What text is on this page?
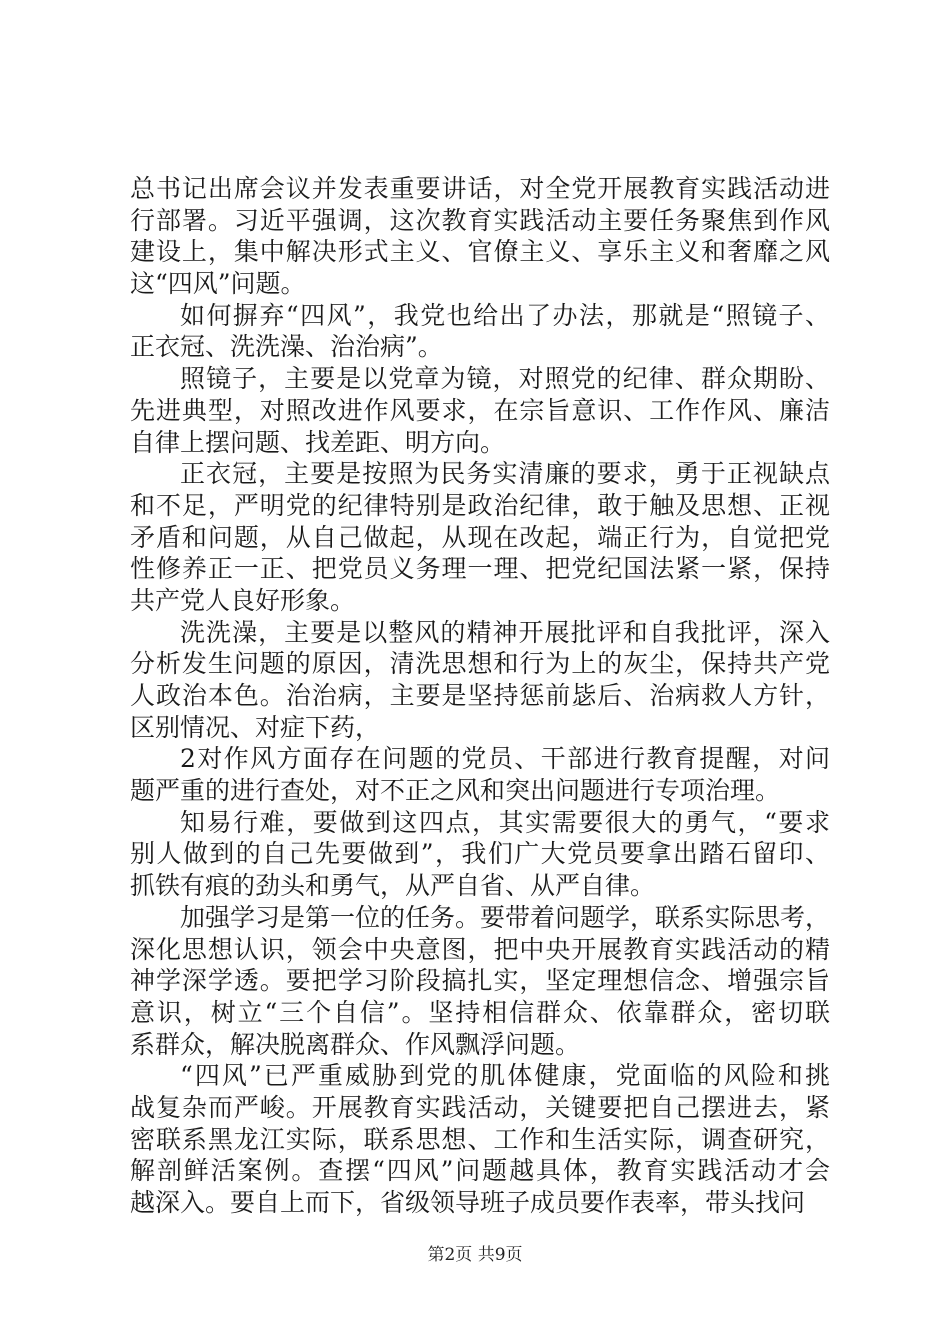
总书记出席会议并发表重要讲话，对全党开展教育实践活动进
行部署。习近平强调，这次教育实践活动主要任务聚焦到作风
建设上，集中解决形式主义、官僚主义、享乐主义和奢靡之风
这“四风”问题。
如何摒弃“四风”，我党也给出了办法，那就是“照镜子、
正衣冠、洗洗澡、治治病”。
照镜子，主要是以党章为镜，对照党的纪律、群众期盼、
先进典型，对照改进作风要求，在宗旨意识、工作作风、廉洁
自律上摆问题、找差距、明方向。
正衣冠，主要是按照为民务实清廉的要求，勇于正视缺点
和不足，严明党的纪律特别是政治纪律，敢于触及思想、正视
矛盾和问题，从自己做起，从现在改起，端正行为，自觉把党
性修养正一正、把党员义务理一理、把党纪国法紧一紧，保持
共产党人良好形象。
洗洗澡，主要是以整风的精神开展批评和自我批评，深入
分析发生问题的原因，清洗思想和行为上的灰尘，保持共产党
人政治本色。治治病，主要是坚持惩前毖后、治病救人方针，
区别情况、对症下药，
2对作风方面存在问题的党员、干部进行教育提醒，对问
题严重的进行查处，对不正之风和突出问题进行专项治理。
知易行难，要做到这四点，其实需要很大的勇气，“要求
别人做到的自己先要做到”，我们广大党员要拿出踏石留印、
抓铁有痕的劲头和勇气，从严自省、从严自律。
加强学习是第一位的任务。要带着问题学，联系实际思考，
深化思想认识，领会中央意图，把中央开展教育实践活动的精
神学深学透。要把学习阶段搞扎实，坚定理想信念、增强宗旨
意识，树立“三个自信”。坚持相信群众、依靠群众，密切联
系群众，解决脱离群众、作风飘浮问题。
“四风”已严重威胁到党的肌体健康，党面临的风险和挑
战复杂而严峻。开展教育实践活动，关键要把自己摆进去，紧
密联系黑龙江实际，联系思想、工作和生活实际，调查研究，
解剖鲜活案例。查摆“四风”问题越具体，教育实践活动才会
越深入。要自上而下，省级领导班子成员要作表率，带头找问
第2页 共9页
